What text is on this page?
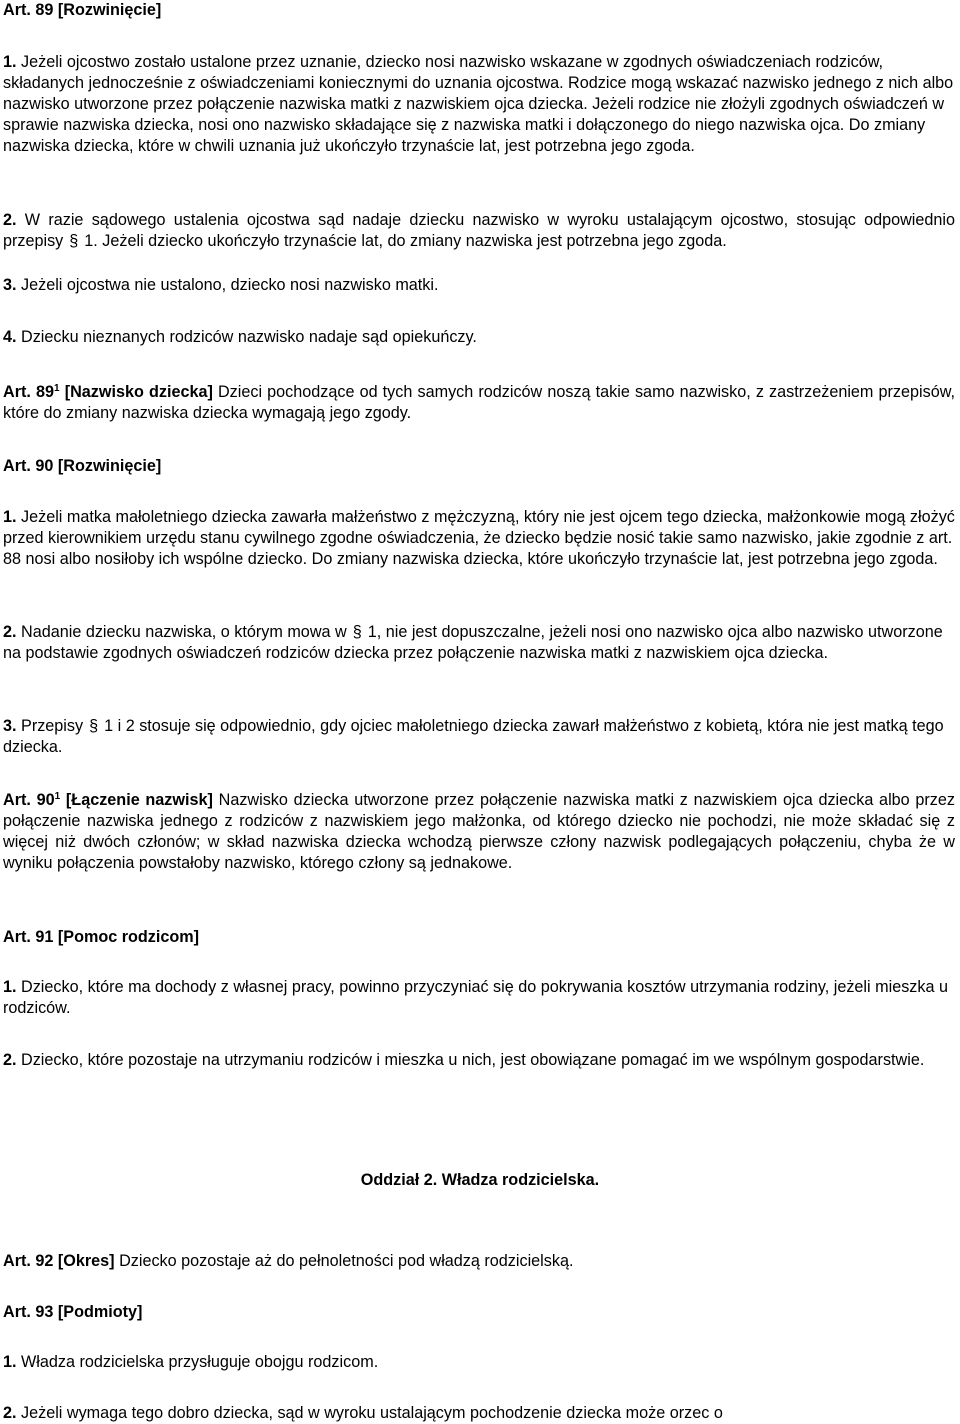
Art. 89 [Rozwinięcie]

1. Jeżeli ojcostwo zostało ustalone przez uznanie, dziecko nosi nazwisko wskazane w zgodnych oświadczeniach rodziców, składanych jednocześnie z oświadczeniami koniecznymi do uznania ojcostwa. Rodzice mogą wskazać nazwisko jednego z nich albo nazwisko utworzone przez połączenie nazwiska matki z nazwiskiem ojca dziecka. Jeżeli rodzice nie złożyli zgodnych oświadczeń w sprawie nazwiska dziecka, nosi ono nazwisko składające się z nazwiska matki i dołączonego do niego nazwiska ojca. Do zmiany nazwiska dziecka, które w chwili uznania już ukończyło trzynaście lat, jest potrzebna jego zgoda.

2. W razie sądowego ustalenia ojcostwa sąd nadaje dziecku nazwisko w wyroku ustalającym ojcostwo, stosując odpowiednio przepisy § 1. Jeżeli dziecko ukończyło trzynaście lat, do zmiany nazwiska jest potrzebna jego zgoda.

3. Jeżeli ojcostwa nie ustalono, dziecko nosi nazwisko matki.

4. Dziecku nieznanych rodziców nazwisko nadaje sąd opiekuńczy.

Art. $89^1$ [Nazwisko dziecka] Dzieci pochodzące od tych samych rodziców noszą takie samo nazwisko, z zastrzeżeniem przepisów, które do zmiany nazwiska dziecka wymagają jego zgody.

Art. 90 [Rozwinięcie]

1. Jeżeli matka małoletniego dziecka zawarła małżeństwo z mężczyzną, który nie jest ojcem tego dziecka, małżonkowie mogą złożyć przed kierownikiem urzędu stanu cywilnego zgodne oświadczenia, że dziecko będzie nosić takie samo nazwisko, jakie zgodnie z art. 88 nosi albo nosiłoby ich wspólne dziecko. Do zmiany nazwiska dziecka, które ukończyło trzynaście lat, jest potrzebna jego zgoda.

2. Nadanie dziecku nazwiska, o którym mowa w § 1, nie jest dopuszczalne, jeżeli nosi ono nazwisko ojca albo nazwisko utworzone na podstawie zgodnych oświadczeń rodziców dziecka przez połączenie nazwiska matki z nazwiskiem ojca dziecka.

3. Przepisy § 1 i 2 stosuje się odpowiednio, gdy ojciec małoletniego dziecka zawarł małżeństwo z kobietą, która nie jest matką tego dziecka.

Art. $90^1$ [Łączenie nazwisk] Nazwisko dziecka utworzone przez połączenie nazwiska matki z nazwiskiem ojca dziecka albo przez połączenie nazwiska jednego z rodziców z nazwiskiem jego małżonka, od którego dziecko nie pochodzi, nie może składać się z więcej niż dwóch członów; w skład nazwiska dziecka wchodzą pierwsze człony nazwisk podlegających połączeniu, chyba że w wyniku połączenia powstałoby nazwisko, którego człony są jednakowe.

Art. 91 [Pomoc rodzicom]

1. Dziecko, które ma dochody z własnej pracy, powinno przyczyniać się do pokrywania kosztów utrzymania rodziny, jeżeli mieszka u rodziców.

2. Dziecko, które pozostaje na utrzymaniu rodziców i mieszka u nich, jest obowiązane pomagać im we wspólnym gospodarstwie.

Oddział 2. Władza rodzicielska.

Art. 92 [Okres] Dziecko pozostaje aż do pełnoletności pod władzą rodzicielską.

Art. 93 [Podmioty]

1. Władza rodzicielska przysługuje obojgu rodzicom.

2. Jeżeli wymaga tego dobro dziecka, sąd w wyroku ustalającym pochodzenie dziecka może orzec o
